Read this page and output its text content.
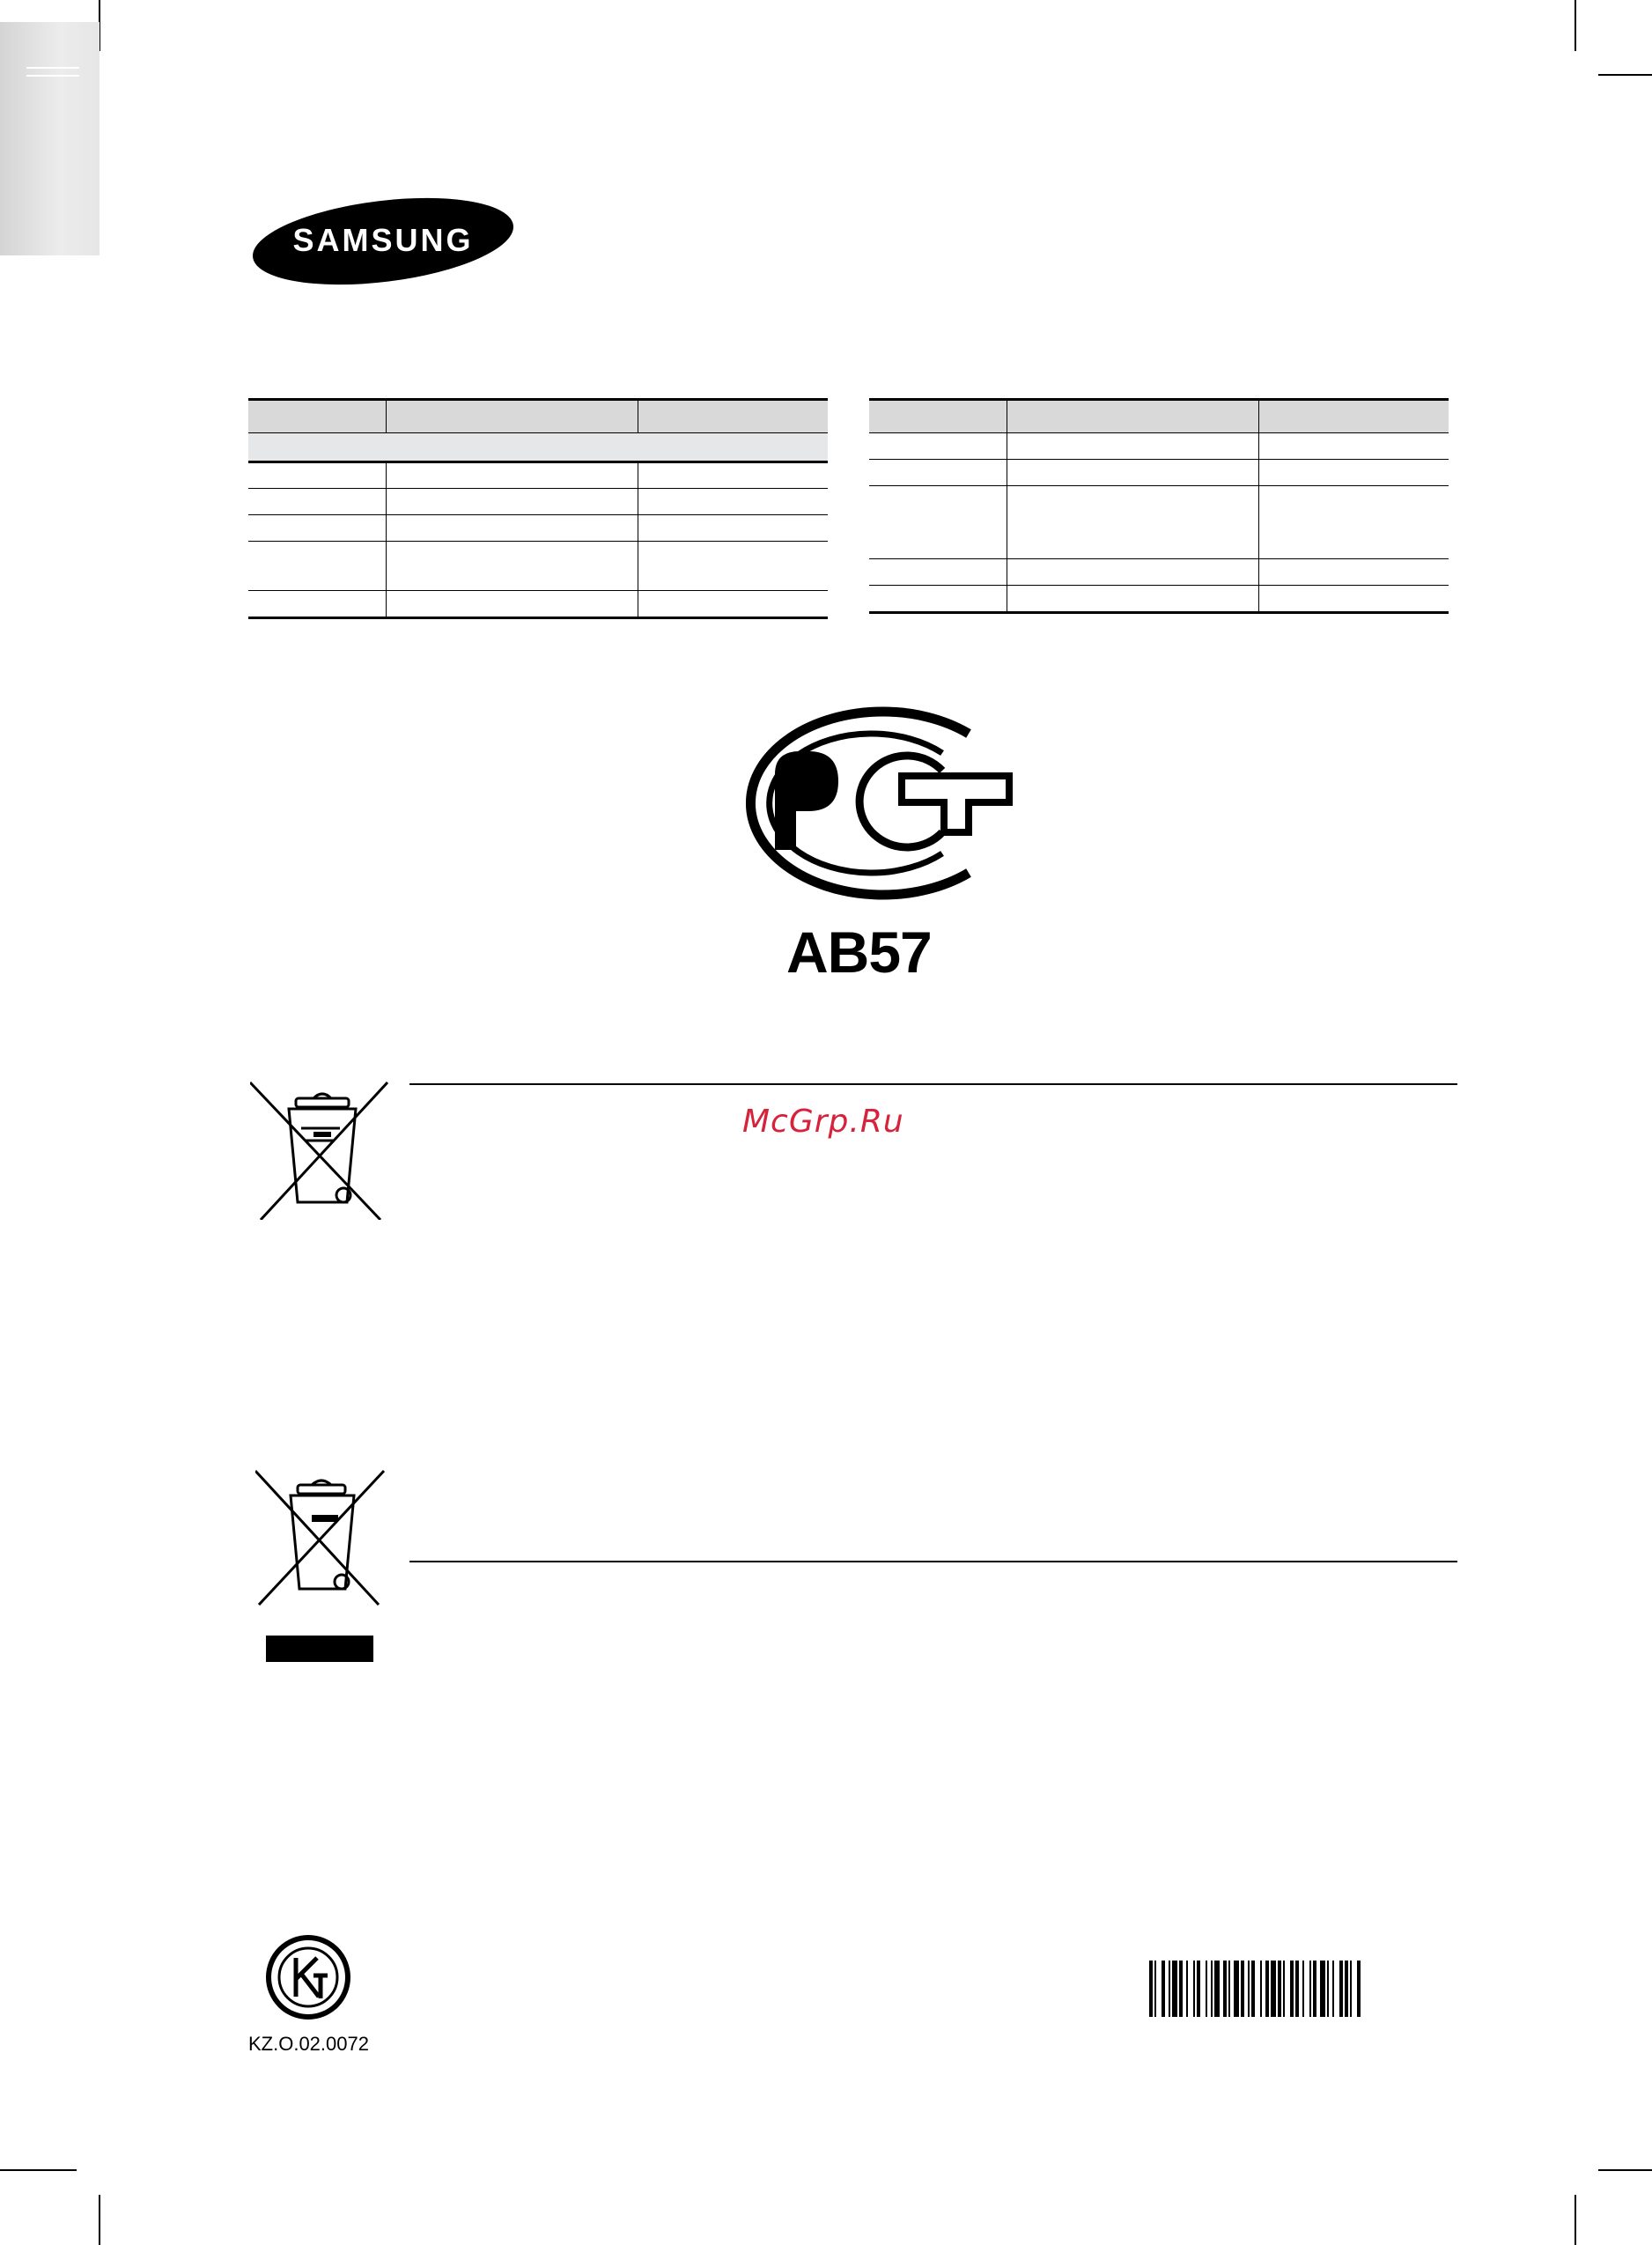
SAMSUNG

AB57
McGrp.Ru
KZ.O.02.0072
